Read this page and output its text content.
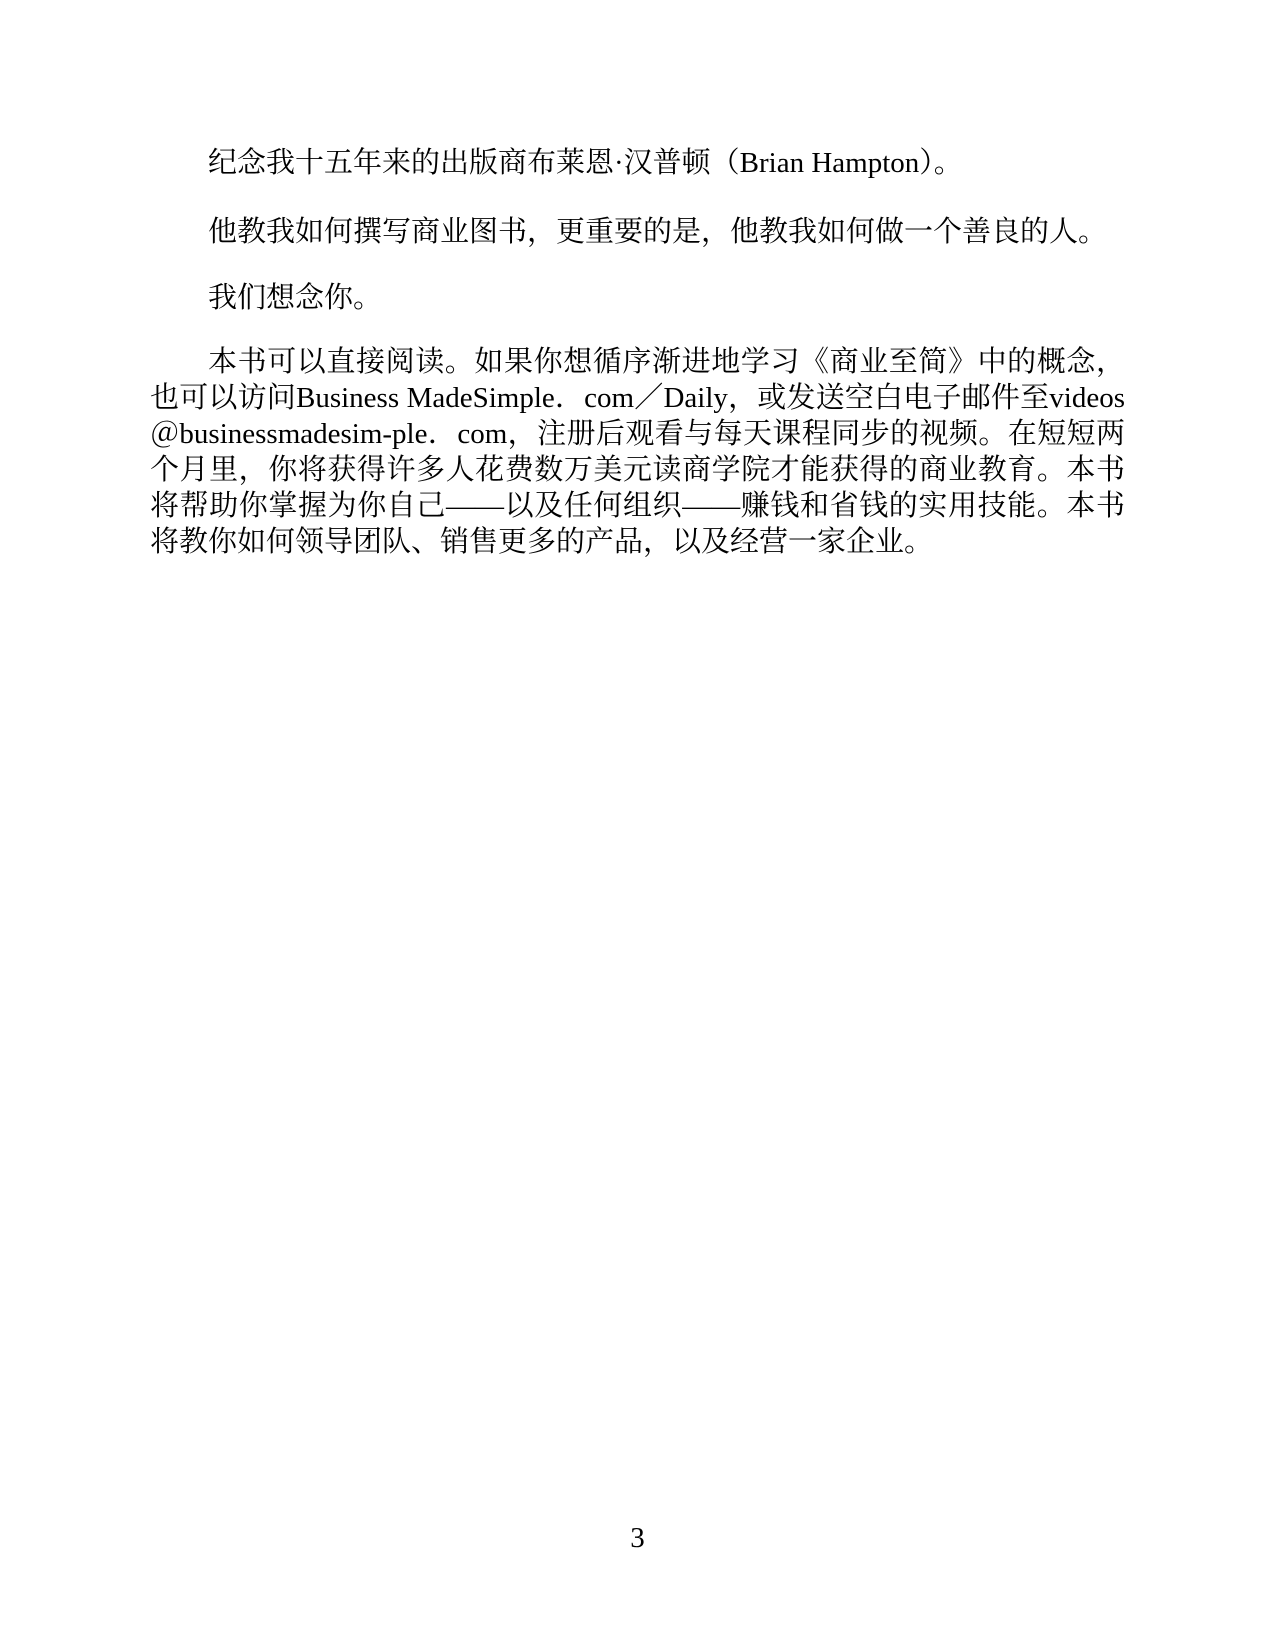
纪念我十五年来的出版商布莱恩·汉普顿（Brian Hampton）。

他教我如何撰写商业图书，更重要的是，他教我如何做一个善良的人。

我们想念你。

本书可以直接阅读。如果你想循序渐进地学习《商业至简》中的概念，也可以访问Business MadeSimple．com／Daily，或发送空白电子邮件至videos＠businessmadesim-ple．com，注册后观看与每天课程同步的视频。在短短两个月里，你将获得许多人花费数万美元读商学院才能获得的商业教育。本书将帮助你掌握为你自己——以及任何组织——赚钱和省钱的实用技能。本书将教你如何领导团队、销售更多的产品，以及经营一家企业。

3
